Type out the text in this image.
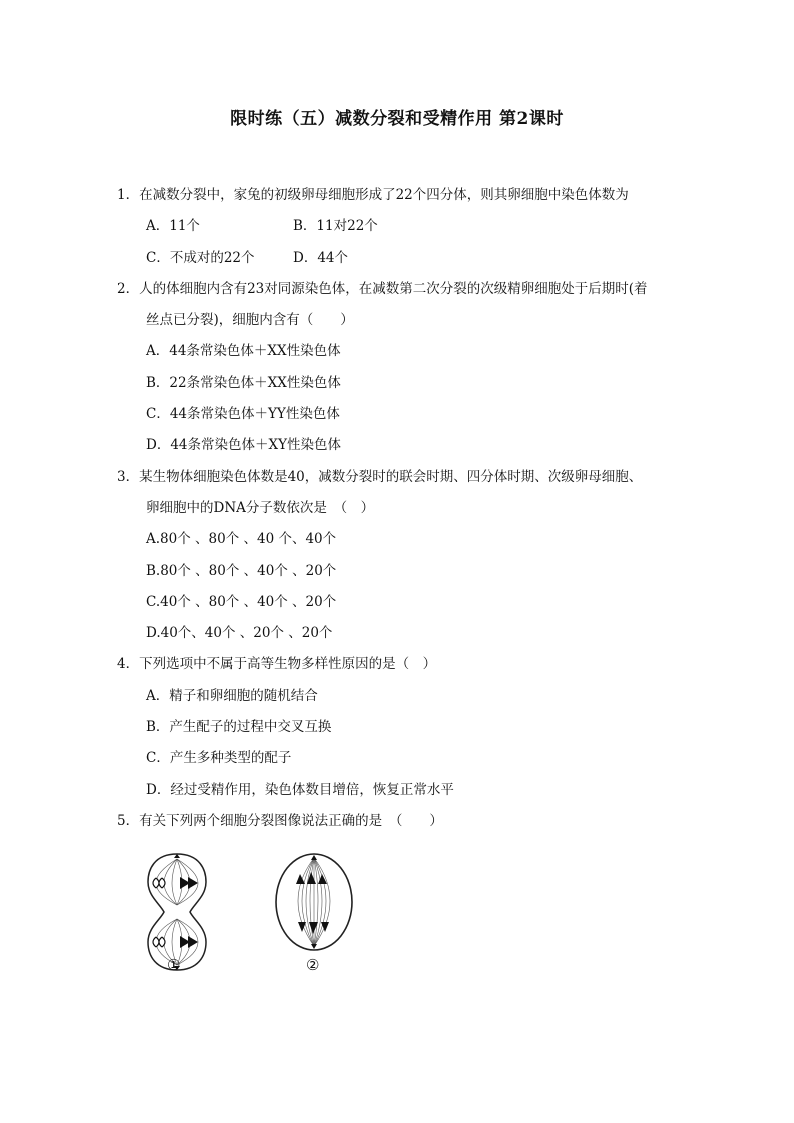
限时练（五）减数分裂和受精作用 第2课时
1．在减数分裂中，家兔的初级卵母细胞形成了22个四分体，则其卵细胞中染色体数为
A．11个	B．11对22个
C．不成对的22个	D．44个
2．人的体细胞内含有23对同源染色体，在减数第二次分裂的次级精卵细胞处于后期时(着
丝点已分裂)，细胞内含有（　　）
A．44条常染色体＋XX性染色体
B．22条常染色体＋XX性染色体
C．44条常染色体＋YY性染色体
D．44条常染色体＋XY性染色体
3．某生物体细胞染色体数是40，减数分裂时的联会时期、四分体时期、次级卵母细胞、
卵细胞中的DNA分子数依次是　（　）
A.80个 、80个 、40 个、40个
B.80个 、80个 、40个 、20个
C.40个 、80个 、40个 、20个
D.40个、40个 、20个 、20个
4．下列选项中不属于高等生物多样性原因的是（　）
A．精子和卵细胞的随机结合
B．产生配子的过程中交叉互换
C．产生多种类型的配子
D．经过受精作用，染色体数目增倍，恢复正常水平
5．有关下列两个细胞分裂图像说法正确的是　（　　）
①	②
